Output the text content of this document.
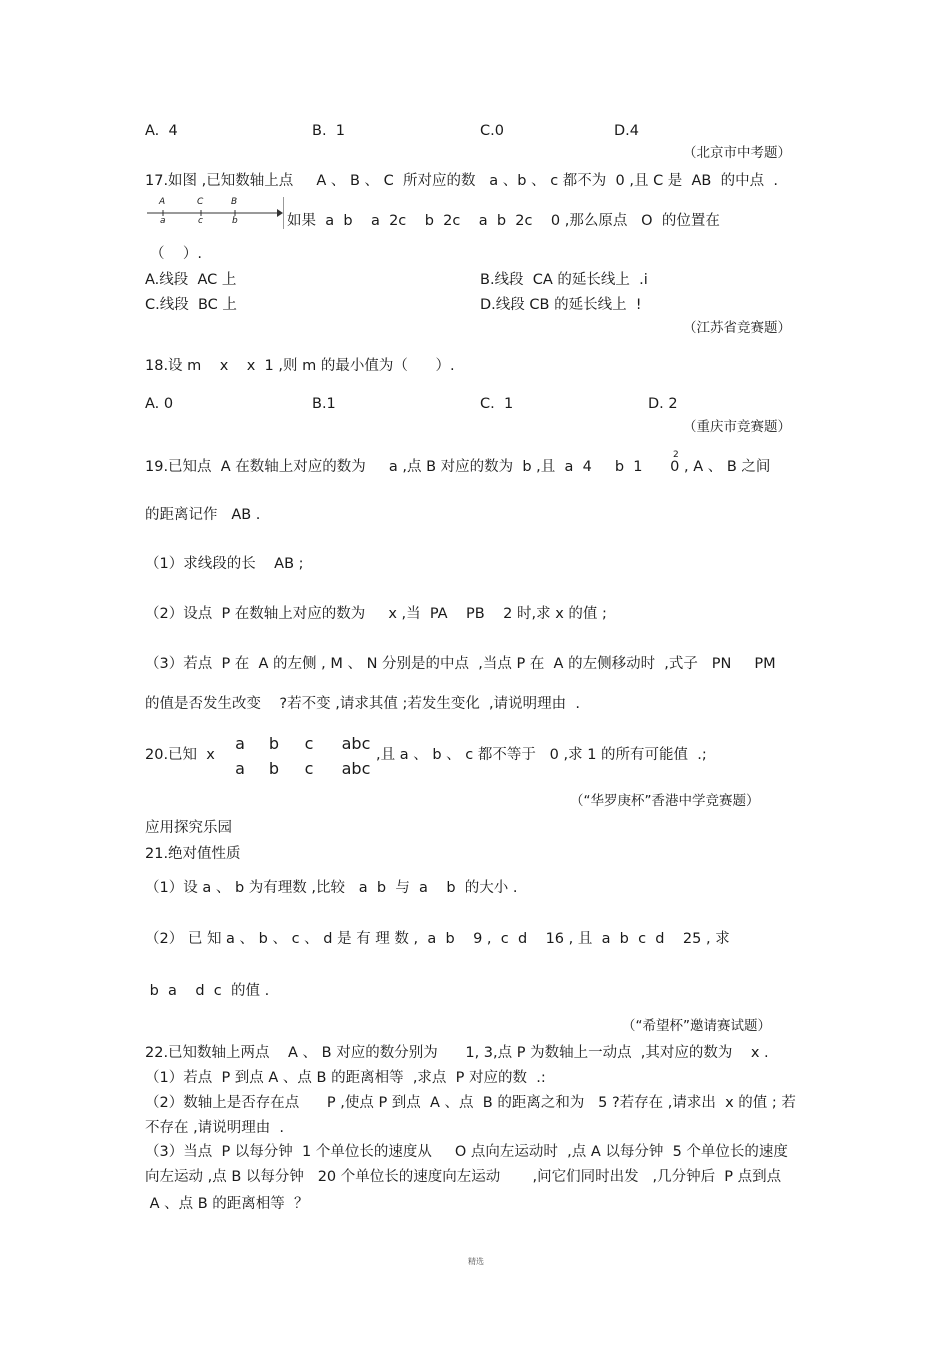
A.  4	B.  1	C.0	D.4
（北京市中考题）
17.如图 ,已知数轴上点     A 、 B 、 C  所对应的数   a 、b 、 c 都不为  0 ,且 C 是  AB  的中点  .
A	C	B
a	c	b	如果  a  b    a  2c    b  2c    a  b  2c    0 ,那么原点   O  的位置在
（    ）.
A.线段  AC 上	B.线段  CA 的延长线上  .i
C.线段  BC 上	D.线段 CB 的延长线上  !
（江苏省竞赛题）
18.设 m    x    x  1 ,则 m 的最小值为（      ）.
A. 0	B.1	C.  1	D. 2
（重庆市竞赛题）
19.已知点  A 在数轴上对应的数为     a ,点 B 对应的数为  b ,且  a  4     b  1      0 , A 、 B 之间
2
的距离记作   AB .
（1）求线段的长    AB ;
（2）设点  P 在数轴上对应的数为     x ,当  PA    PB    2 时,求 x 的值 ;
（3）若点  P 在  A 的左侧 , M 、 N 分别是的中点  ,当点 P 在  A 的左侧移动时  ,式子   PN     PM
的值是否发生改变    ?若不变 ,请求其值 ;若发生变化  ,请说明理由  .
20.已知  x
a
a
b
b
c
c
abc
abc
,且 a 、 b 、 c 都不等于   0 ,求 1 的所有可能值  .;
（“华罗庚杯”香港中学竞赛题）
应用探究乐园
21.绝对值性质
（1）设 a 、 b 为有理数 ,比较   a  b  与  a    b  的大小 .
（2） 已 知 a 、 b 、 c 、 d 是 有 理 数 ,  a  b    9 ,  c  d    16 , 且  a  b  c  d    25 , 求
b  a    d  c  的值 .
（“希望杯”邀请赛试题）
22.已知数轴上两点    A 、 B 对应的数分别为      1, 3,点 P 为数轴上一动点  ,其对应的数为    x .
（1）若点  P 到点 A 、点 B 的距离相等  ,求点  P 对应的数  .:
（2）数轴上是否存在点      P ,使点 P 到点  A 、点  B 的距离之和为   5 ?若存在 ,请求出  x 的值 ; 若
不存在 ,请说明理由  .
（3）当点  P 以每分钟  1 个单位长的速度从     O 点向左运动时  ,点 A 以每分钟  5 个单位长的速度
向左运动 ,点 B 以每分钟   20 个单位长的速度向左运动       ,问它们同时出发   ,几分钟后  P 点到点
A 、点 B 的距离相等  ？
精选
